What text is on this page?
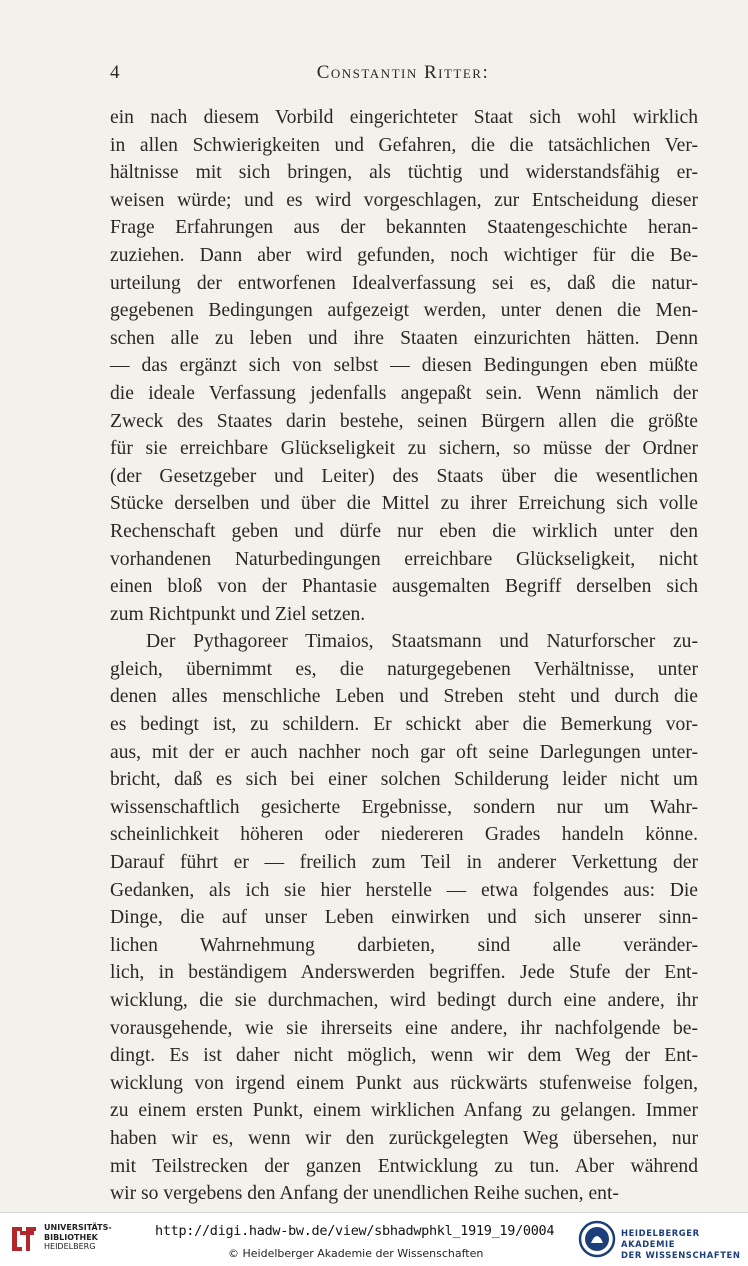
4	Constantin Ritter:
ein nach diesem Vorbild eingerichteter Staat sich wohl wirklich
in allen Schwierigkeiten und Gefahren, die die tatsächlichen Ver-
hältnisse mit sich bringen, als tüchtig und widerstandsfähig er-
weisen würde; und es wird vorgeschlagen, zur Entscheidung dieser
Frage Erfahrungen aus der bekannten Staatengeschichte heran-
zuziehen. Dann aber wird gefunden, noch wichtiger für die Be-
urteilung der entworfenen Idealverfassung sei es, daß die natur-
gegebenen Bedingungen aufgezeigt werden, unter denen die Men-
schen alle zu leben und ihre Staaten einzurichten hätten. Denn
— das ergänzt sich von selbst — diesen Bedingungen eben müßte
die ideale Verfassung jedenfalls angepaßt sein. Wenn nämlich der
Zweck des Staates darin bestehe, seinen Bürgern allen die größte
für sie erreichbare Glückseligkeit zu sichern, so müsse der Ordner
(der Gesetzgeber und Leiter) des Staats über die wesentlichen
Stücke derselben und über die Mittel zu ihrer Erreichung sich volle
Rechenschaft geben und dürfe nur eben die wirklich unter den
vorhandenen Naturbedingungen erreichbare Glückseligkeit, nicht
einen bloß von der Phantasie ausgemalten Begriff derselben sich
zum Richtpunkt und Ziel setzen.
Der Pythagoreer Timaios, Staatsmann und Naturforscher zu-
gleich, übernimmt es, die naturgegebenen Verhältnisse, unter
denen alles menschliche Leben und Streben steht und durch die
es bedingt ist, zu schildern. Er schickt aber die Bemerkung vor-
aus, mit der er auch nachher noch gar oft seine Darlegungen unter-
bricht, daß es sich bei einer solchen Schilderung leider nicht um
wissenschaftlich gesicherte Ergebnisse, sondern nur um Wahr-
scheinlichkeit höheren oder niedereren Grades handeln könne.
Darauf führt er — freilich zum Teil in anderer Verkettung der
Gedanken, als ich sie hier herstelle — etwa folgendes aus: Die
Dinge, die auf unser Leben einwirken und sich unserer sinn-
lichen Wahrnehmung darbieten, sind alle veränder-
lich, in beständigem Anderswerden begriffen. Jede Stufe der Ent-
wicklung, die sie durchmachen, wird bedingt durch eine andere, ihr
vorausgehende, wie sie ihrerseits eine andere, ihr nachfolgende be-
dingt. Es ist daher nicht möglich, wenn wir dem Weg der Ent-
wicklung von irgend einem Punkt aus rückwärts stufenweise folgen,
zu einem ersten Punkt, einem wirklichen Anfang zu gelangen. Immer
haben wir es, wenn wir den zurückgelegten Weg übersehen, nur
mit Teilstrecken der ganzen Entwicklung zu tun. Aber während
wir so vergebens den Anfang der unendlichen Reihe suchen, ent-
UNIVERSITÄTS-
BIBLIOTHEK
HEIDELBERG
http://digi.hadw-bw.de/view/sbhadwphkl_1919_19/0004
© Heidelberger Akademie der Wissenschaften
HEIDELBERGER AKADEMIE
DER WISSENSCHAFTEN
